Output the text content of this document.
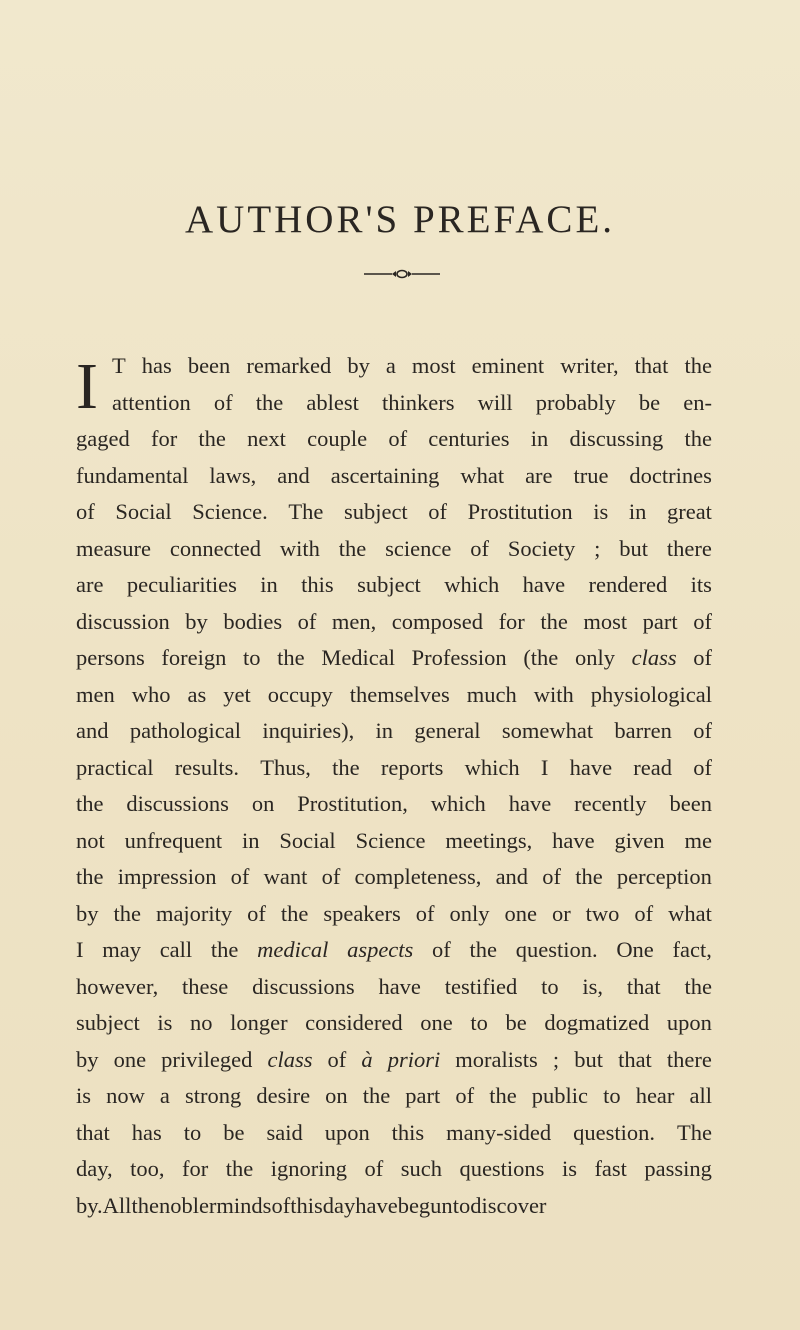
AUTHOR'S PREFACE.
I T has been remarked by a most eminent writer, that the
attention of the ablest thinkers will probably be en-
gaged for the next couple of centuries in discussing the
fundamental laws, and ascertaining what are true doctrines
of Social Science. The subject of Prostitution is in great
measure connected with the science of Society ; but there
are peculiarities in this subject which have rendered its
discussion by bodies of men, composed for the most part of
persons foreign to the Medical Profession (the only class of
men who as yet occupy themselves much with physiological
and pathological inquiries), in general somewhat barren of
practical results. Thus, the reports which I have read of
the discussions on Prostitution, which have recently been
not unfrequent in Social Science meetings, have given me
the impression of want of completeness, and of the perception
by the majority of the speakers of only one or two of what
I may call the medical aspects of the question. One fact,
however, these discussions have testified to is, that the
subject is no longer considered one to be dogmatized upon
by one privileged class of à priori moralists ; but that there
is now a strong desire on the part of the public to hear all
that has to be said upon this many-sided question. The
day, too, for the ignoring of such questions is fast passing
by. All the nobler minds of this day have begun to discover
